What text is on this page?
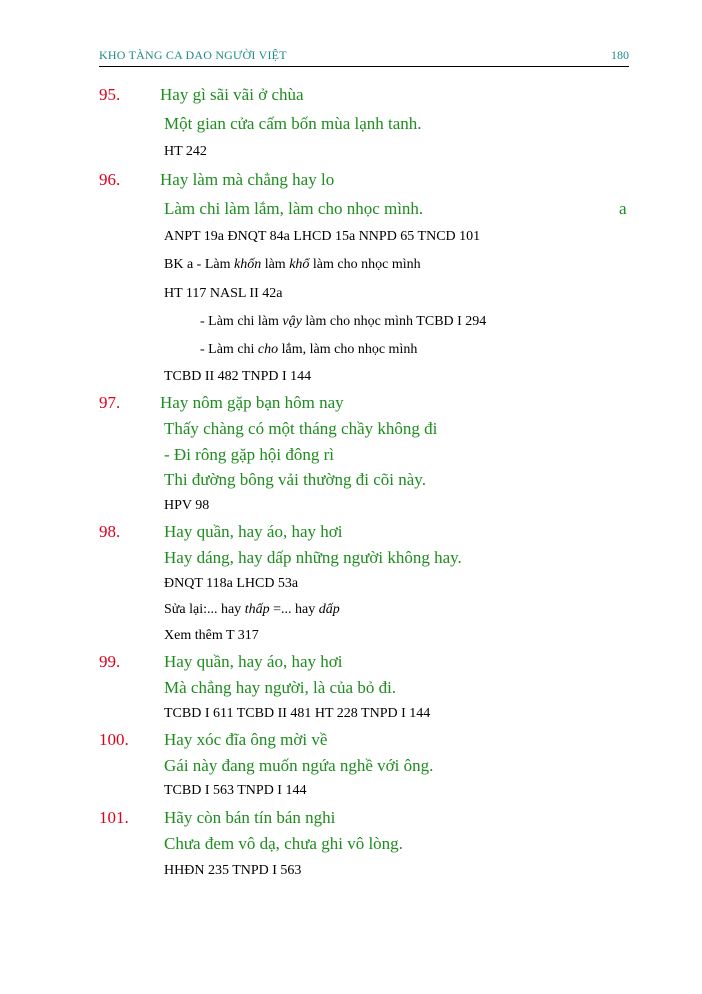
KHO TÀNG CA DAO NGƯỜI VIỆT	180
95. Hay gì sãi vãi ở chùa
Một gian cửa cấm bốn mùa lạnh tanh.
HT 242
96. Hay làm mà chẳng hay lo
Làm chi làm lắm, làm cho nhọc mình.	a
ANPT 19a ĐNQT 84a LHCD 15a NNPD 65 TNCD 101
BK a - Làm khốn làm khổ làm cho nhọc mình
HT 117 NASL II 42a
- Làm chi làm vậy làm cho nhọc mình TCBD I 294
- Làm chi cho lắm, làm cho nhọc mình
TCBD II 482 TNPD I 144
97. Hay nôm gặp bạn hôm nay
Thấy chàng có một tháng chầy không đi
- Đi rông gặp hội đông rì
Thi đường bông vải thường đi cõi này.
HPV 98
98.	Hay quần, hay áo, hay hơi
Hay dáng, hay dấp những người không hay.
ĐNQT 118a LHCD 53a
Sửa lại:... hay thấp =... hay dấp
Xem thêm T 317
99.	Hay quần, hay áo, hay hơi
Mà chẳng hay người, là của bỏ đi.
TCBD I 611 TCBD II 481 HT 228 TNPD I 144
100. Hay xóc đĩa ông mời về
Gái này đang muốn ngứa nghề với ông.
TCBD I 563 TNPD I 144
101. Hãy còn bán tín bán nghi
Chưa đem vô dạ, chưa ghi vô lòng.
HHĐN 235 TNPD I 563
